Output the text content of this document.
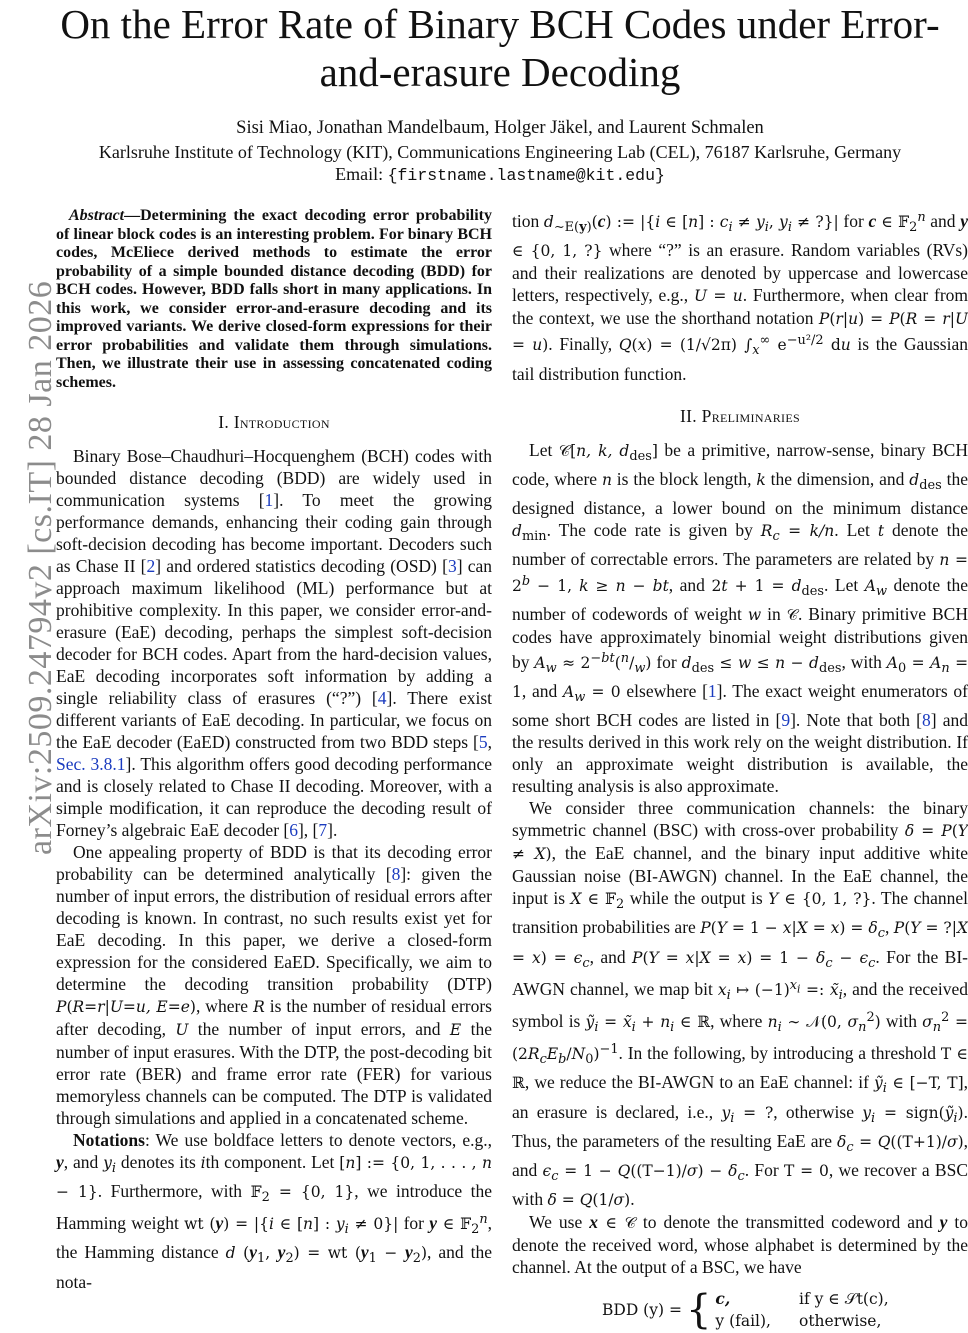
arXiv:2509.24794v2 [cs.IT] 28 Jan 2026
On the Error Rate of Binary BCH Codes under Error-and-erasure Decoding
Sisi Miao, Jonathan Mandelbaum, Holger Jäkel, and Laurent Schmalen
Karlsruhe Institute of Technology (KIT), Communications Engineering Lab (CEL), 76187 Karlsruhe, Germany
Email: {firstname.lastname@kit.edu}

Abstract—Determining the exact decoding error probability of linear block codes is an interesting problem. For binary BCH codes, McEliece derived methods to estimate the error probability of a simple bounded distance decoding (BDD) for BCH codes. However, BDD falls short in many applications. In this work, we consider error-and-erasure decoding and its improved variants. We derive closed-form expressions for their error probabilities and validate them through simulations. Then, we illustrate their use in assessing concatenated coding schemes.

I. Introduction

Binary Bose–Chaudhuri–Hocquenghem (BCH) codes with bounded distance decoding (BDD) are widely used in communication systems [1]. To meet the growing performance demands, enhancing their coding gain through soft-decision decoding has become important. Decoders such as Chase II [2] and ordered statistics decoding (OSD) [3] can approach maximum likelihood (ML) performance but at prohibitive complexity. In this paper, we consider error-and-erasure (EaE) decoding, perhaps the simplest soft-decision decoder for BCH codes. Apart from the hard-decision values, EaE decoding incorporates soft information by adding a single reliability class of erasures (“?”) [4]. There exist different variants of EaE decoding. In particular, we focus on the EaE decoder (EaED) constructed from two BDD steps [5, Sec. 3.8.1]. This algorithm offers good decoding performance and is closely related to Chase II decoding. Moreover, with a simple modification, it can reproduce the decoding result of Forney’s algebraic EaE decoder [6], [7].

One appealing property of BDD is that its decoding error probability can be determined analytically [8]: given the number of input errors, the distribution of residual errors after decoding is known. In contrast, no such results exist yet for EaE decoding. In this paper, we derive a closed-form expression for the considered EaED. Specifically, we aim to determine the decoding transition probability (DTP) P(R=r|U=u, E=e), where R is the number of residual errors after decoding, U the number of input errors, and E the number of input erasures. With the DTP, the post-decoding bit error rate (BER) and frame error rate (FER) for various memoryless channels can be computed. The DTP is validated through simulations and applied in a concatenated scheme.

Notations: We use boldface letters to denote vectors, e.g., y, and $y_i$ denotes its ith component. Let [n] := {0, 1, . . . , n − 1}. Furthermore, with 𝔽$_2$ = {0, 1}, we introduce the Hamming weight wt (y) = |{i ∈ [n] : $y_i \ne 0\}|$ for y ∈ 𝔽$_2^n$, the Hamming distance d ($y_1$, $y_2$) = wt $(y_1 - y_2)$, and the nota-

tion $d_{\sim E(y)}(c)$ := |{i ∈ [n] : $c_i \ne y_i$, $y_i$ ≠ ?}| for c ∈ 𝔽$_2^n$ and y ∈ {0, 1, ?} where “?” is an erasure. Random variables (RVs) and their realizations are denoted by uppercase and lowercase letters, respectively, e.g., U = u. Furthermore, when clear from the context, we use the shorthand notation P(r|u) = P(R = r|U = u). Finally, Q(x) = (1/√2π) $\int_x^\infty$ $e^{-u^2/2}$ du is the Gaussian tail distribution function.

II. Preliminaries

Let 𝒞[n, k, $d_{des}$] be a primitive, narrow-sense, binary BCH code, where n is the block length, k the dimension, and $d_{des}$ the designed distance, a lower bound on the minimum distance $d_{min}$. The code rate is given by $R_c = k/n$. Let t denote the number of correctable errors. The parameters are related by $n = 2^b - 1$, k ≥ n − bt, and $2t + 1 = d_{des}$. Let $A_w$ denote the number of codewords of weight w in 𝒞. Binary primitive BCH codes have approximately binomial weight distributions given by $A_w \approx 2^{-bt}(^n/_w)$ for $d_{des} \le w \le n - d_{des}$, with $A_0 = A_n = 1$, and $A_w = 0$ elsewhere [1]. The exact weight enumerators of some short BCH codes are listed in [9]. Note that both [8] and the results derived in this work rely on the weight distribution. If only an approximate weight distribution is available, the resulting analysis is also approximate.

We consider three communication channels: the binary symmetric channel (BSC) with cross-over probability δ = P(Y ≠ X), the EaE channel, and the binary input additive white Gaussian noise (BI-AWGN) channel. In the EaE channel, the input is X ∈ 𝔽$_2$ while the output is Y ∈ {0, 1, ?}. The channel transition probabilities are $P(Y = 1 - x|X = x) = \delta_c$, P(Y = ?|X = $x) = \epsilon_c$, and $P(Y = x|X = x) = 1 - \delta_c - \epsilon_c$. For the BI-AWGN channel, we map bit $x_i$ ↦ $(-1)^{x_i}$ =: $x̃_i$, and the received symbol is ỹ$_i$ = $x̃_i + n_i$ ∈ ℝ, where $n_i$ ∼ 𝒩(0, $\sigma_n^2$) with $\sigma_n^2 = (2R_cE_b/N_0)^{-1}$. In the following, by introducing a threshold T ∈ ℝ, we reduce the BI-AWGN to an EaE channel: if ỹ$_i$ ∈ [−T, T], an erasure is declared, i.e., $y_i$ = ?, otherwise $y_i$ = sign(ỹ$_i$). Thus, the parameters of the resulting EaE are $\delta_c = Q((T+1)/\sigma)$, and $\epsilon_c = 1 - Q((T-1)/\sigma) - \delta_c$. For T = 0, we recover a BSC with δ = Q(1/σ).

We use x ∈ 𝒞 to denote the transmitted codeword and y to denote the received word, whose alphabet is determined by the channel. At the output of a BSC, we have

BDD (y) = { c,	if y ∈ 𝒮t(c),
y (fail), otherwise,
